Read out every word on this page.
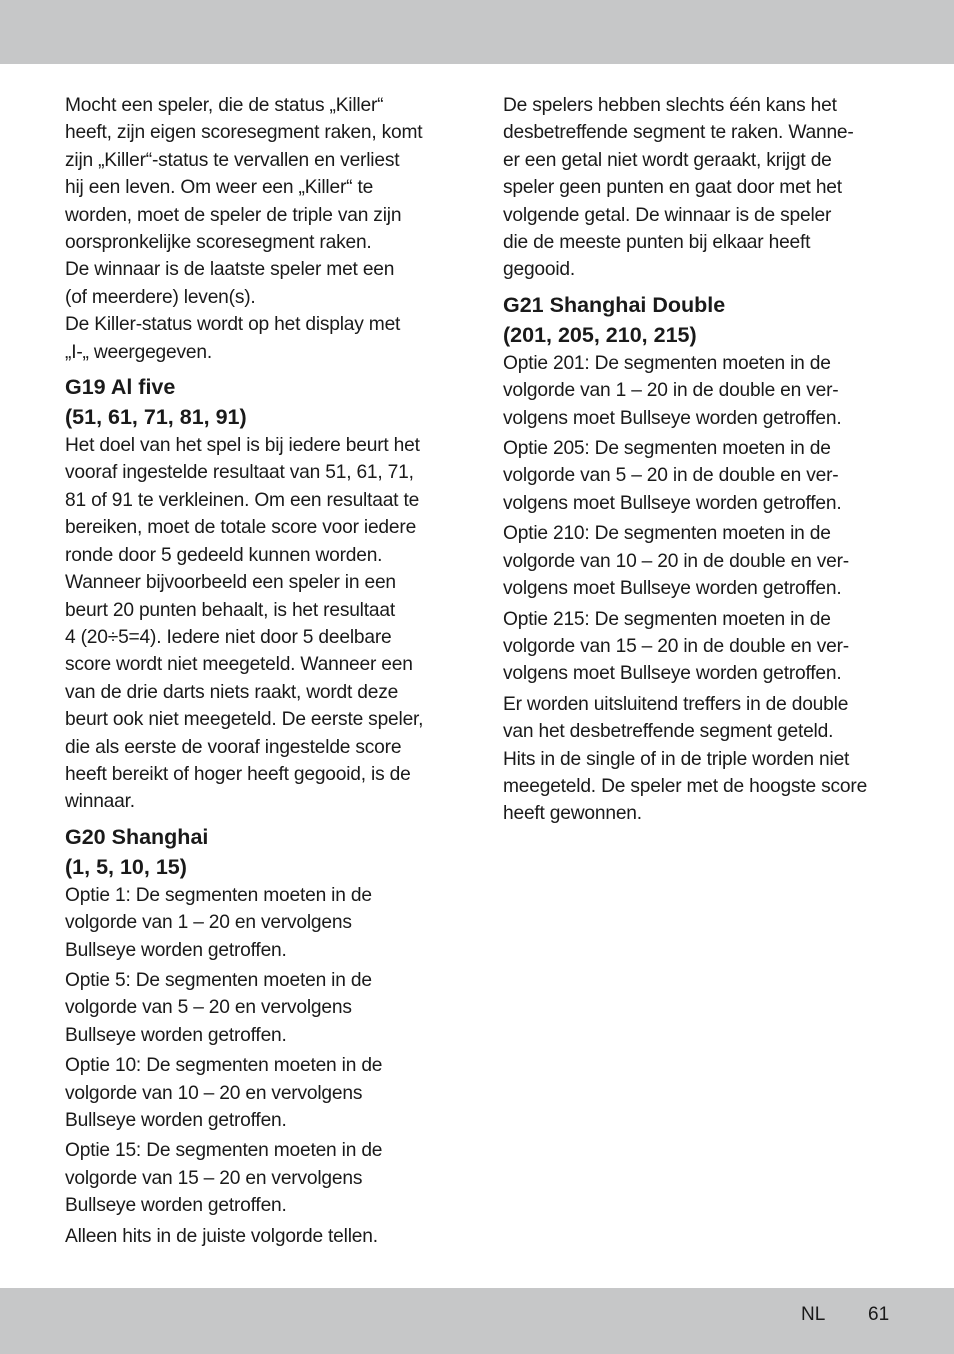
Mocht een speler, die de status „Killer“
heeft, zijn eigen scoresegment raken, komt
zijn „Killer“-status te vervallen en verliest
hij een leven. Om weer een „Killer“ te
worden, moet de speler de triple van zijn
oorspronkelijke scoresegment raken.
De winnaar is de laatste speler met een
(of meerdere) leven(s).
De Killer-status wordt op het display met
„I-„ weergegeven.

G19 Al five
(51, 61, 71, 81, 91)

Het doel van het spel is bij iedere beurt het
vooraf ingestelde resultaat van 51, 61, 71,
81 of 91 te verkleinen. Om een resultaat te
bereiken, moet de totale score voor iedere
ronde door 5 gedeeld kunnen worden.
Wanneer bijvoorbeeld een speler in een
beurt 20 punten behaalt, is het resultaat
4 (20÷5=4). Iedere niet door 5 deelbare
score wordt niet meegeteld. Wanneer een
van de drie darts niets raakt, wordt deze
beurt ook niet meegeteld. De eerste speler,
die als eerste de vooraf ingestelde score
heeft bereikt of hoger heeft gegooid, is de
winnaar.

G20 Shanghai
(1, 5, 10, 15)

Optie 1: De segmenten moeten in de
volgorde van 1 – 20 en vervolgens
Bullseye worden getroffen.

Optie 5: De segmenten moeten in de
volgorde van 5 – 20 en vervolgens
Bullseye worden getroffen.

Optie 10: De segmenten moeten in de
volgorde van 10 – 20 en vervolgens
Bullseye worden getroffen.

Optie 15: De segmenten moeten in de
volgorde van 15 – 20 en vervolgens
Bullseye worden getroffen.

Alleen hits in de juiste volgorde tellen.

De spelers hebben slechts één kans het
desbetreffende segment te raken. Wanne-
er een getal niet wordt geraakt, krijgt de
speler geen punten en gaat door met het
volgende getal. De winnaar is de speler
die de meeste punten bij elkaar heeft
gegooid.

G21 Shanghai Double
(201, 205, 210, 215)

Optie 201: De segmenten moeten in de
volgorde van 1 – 20 in de double en ver-
volgens moet Bullseye worden getroffen.

Optie 205: De segmenten moeten in de
volgorde van 5 – 20 in de double en ver-
volgens moet Bullseye worden getroffen.

Optie 210: De segmenten moeten in de
volgorde van 10 – 20 in de double en ver-
volgens moet Bullseye worden getroffen.

Optie 215: De segmenten moeten in de
volgorde van 15 – 20 in de double en ver-
volgens moet Bullseye worden getroffen.

Er worden uitsluitend treffers in de double
van het desbetreffende segment geteld.
Hits in de single of in de triple worden niet
meegeteld. De speler met de hoogste score
heeft gewonnen.

NL 61
